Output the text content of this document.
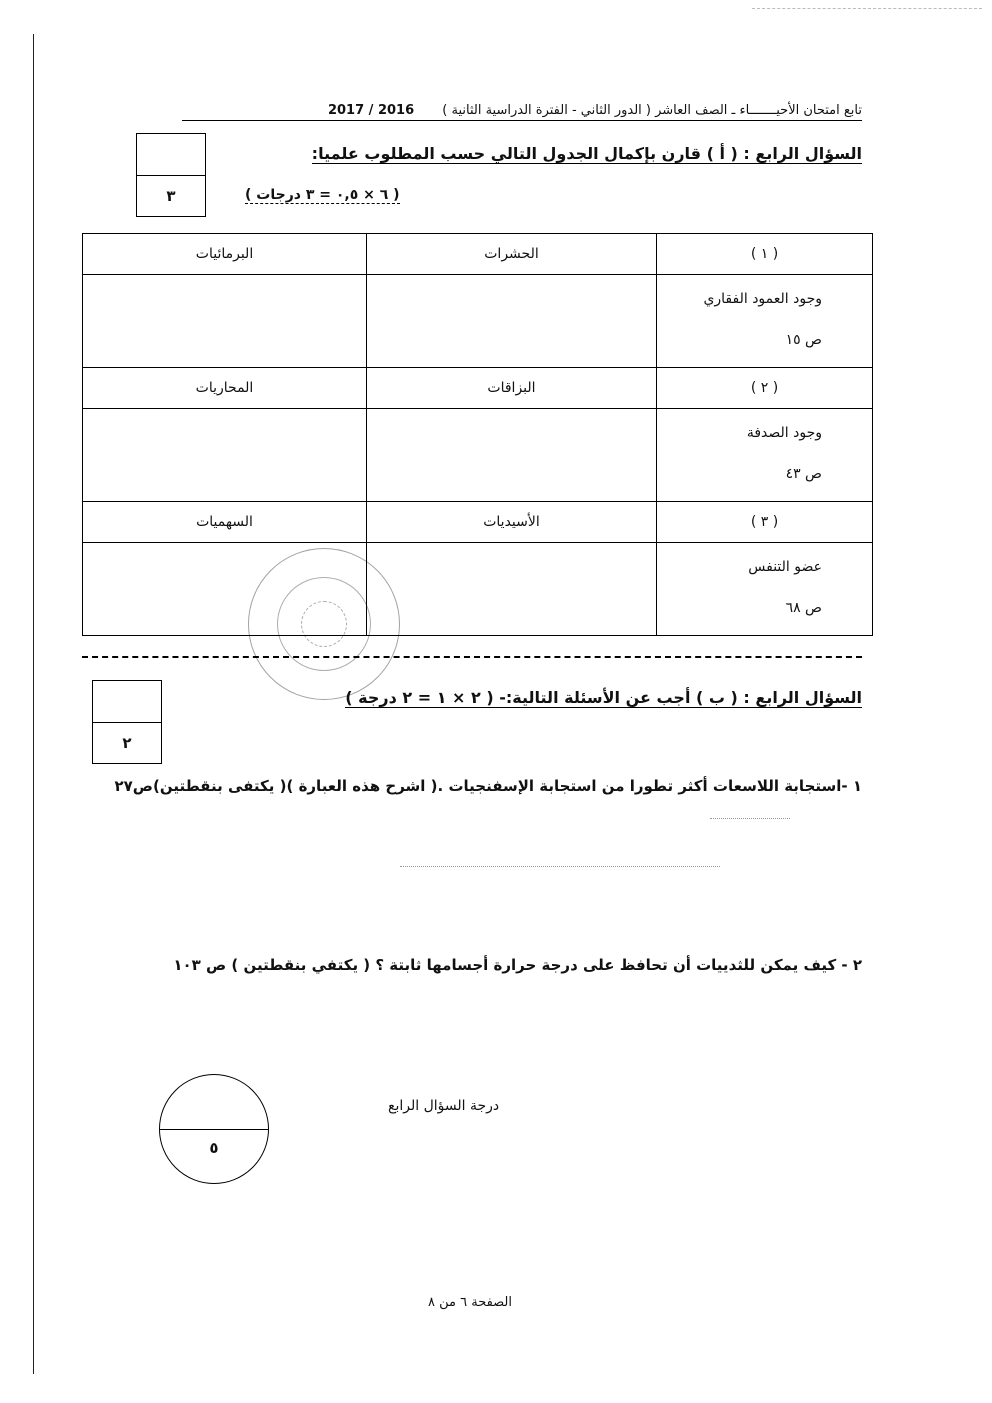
تابع امتحان الأحيـــــــاء ـ الصف العاشر ( الدور الثاني - الفترة الدراسية الثانية ) 2016 / 2017
٣
السؤال الرابع : ( أ ) قارن بإكمال الجدول التالي حسب المطلوب علميا:
( ٦ × ٠,٥ = ٣ درجات )
( ١ )	الحشرات	البرمائيات

وجود العمود الفقاري
ص ١٥		

( ٢ )	البزاقات	المحاريات

وجود الصدفة
ص ٤٣		

( ٣ )	الأسيديات	السهميات

عضو التنفس
ص ٦٨		

٢
السؤال الرابع : ( ب ) أجب عن الأسئلة التالية:- ( ٢ × ١ = ٢ درجة )
١ -استجابة اللاسعات أكثر تطورا من استجابة الإسفنجيات .( اشرح هذه العبارة )( يكتفى بنقطتين)ص٢٧
٢ - كيف يمكن للثدييات أن تحافظ على درجة حرارة أجسامها ثابتة ؟ ( يكتفي بنقطتين ) ص ١٠٣
٥
درجة السؤال الرابع
الصفحة ٦ من ٨
